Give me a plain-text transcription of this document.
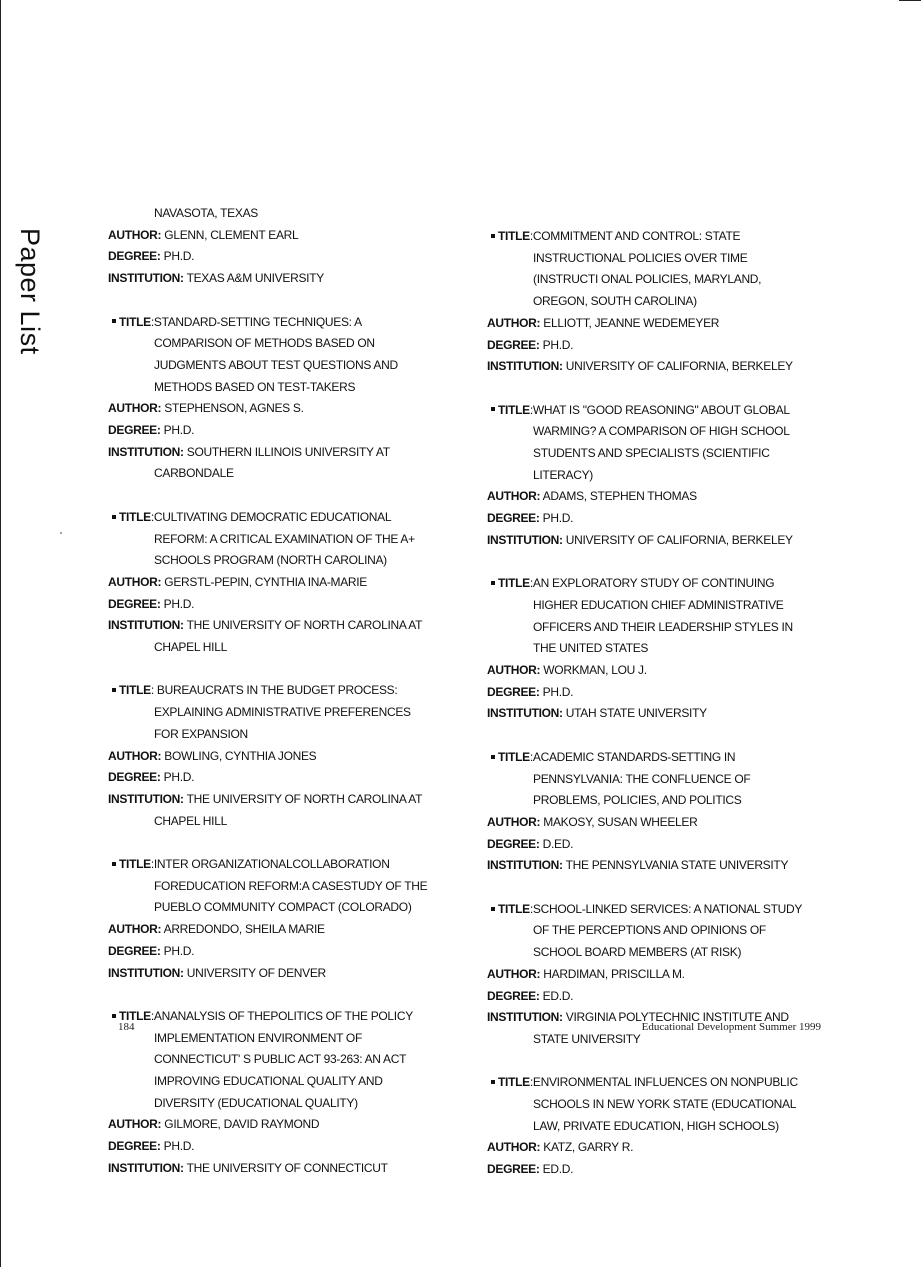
Paper List
NAVASOTA, TEXAS
AUTHOR: GLENN, CLEMENT EARL
DEGREE: PH.D.
INSTITUTION: TEXAS A&M UNIVERSITY
TITLE:STANDARD-SETTING TECHNIQUES: A
COMPARISON OF METHODS BASED ON
JUDGMENTS ABOUT TEST QUESTIONS AND
METHODS BASED ON TEST-TAKERS
AUTHOR: STEPHENSON, AGNES S.
DEGREE: PH.D.
INSTITUTION: SOUTHERN ILLINOIS UNIVERSITY AT
CARBONDALE
TITLE:CULTIVATING DEMOCRATIC EDUCATIONAL
REFORM: A CRITICAL EXAMINATION OF THE A+
SCHOOLS PROGRAM (NORTH CAROLINA)
AUTHOR: GERSTL-PEPIN, CYNTHIA INA-MARIE
DEGREE: PH.D.
INSTITUTION: THE UNIVERSITY OF NORTH CAROLINA AT
CHAPEL HILL
TITLE: BUREAUCRATS IN THE BUDGET PROCESS:
EXPLAINING ADMINISTRATIVE PREFERENCES
FOR EXPANSION
AUTHOR: BOWLING, CYNTHIA JONES
DEGREE: PH.D.
INSTITUTION: THE UNIVERSITY OF NORTH CAROLINA AT
CHAPEL HILL
TITLE:INTER ORGANIZATIONALCOLLABORATION
FOREDUCATION REFORM:A CASESTUDY OF THE
PUEBLO COMMUNITY COMPACT (COLORADO)
AUTHOR: ARREDONDO, SHEILA MARIE
DEGREE: PH.D.
INSTITUTION: UNIVERSITY OF DENVER
TITLE:ANANALYSIS OF THEPOLITICS OF THE POLICY
IMPLEMENTATION ENVIRONMENT OF
CONNECTICUT' S PUBLIC ACT 93-263: AN ACT
IMPROVING EDUCATIONAL QUALITY AND
DIVERSITY (EDUCATIONAL QUALITY)
AUTHOR: GILMORE, DAVID RAYMOND
DEGREE: PH.D.
INSTITUTION: THE UNIVERSITY OF CONNECTICUT
TITLE:COMMITMENT AND CONTROL: STATE
INSTRUCTIONAL POLICIES OVER TIME
(INSTRUCTI ONAL POLICIES, MARYLAND,
OREGON, SOUTH CAROLINA)
AUTHOR: ELLIOTT, JEANNE WEDEMEYER
DEGREE: PH.D.
INSTITUTION: UNIVERSITY OF CALIFORNIA, BERKELEY
TITLE:WHAT IS "GOOD REASONING" ABOUT GLOBAL
WARMING? A COMPARISON OF HIGH SCHOOL
STUDENTS AND SPECIALISTS (SCIENTIFIC
LITERACY)
AUTHOR: ADAMS, STEPHEN THOMAS
DEGREE: PH.D.
INSTITUTION: UNIVERSITY OF CALIFORNIA, BERKELEY
TITLE:AN EXPLORATORY STUDY OF CONTINUING
HIGHER EDUCATION CHIEF ADMINISTRATIVE
OFFICERS AND THEIR LEADERSHIP STYLES IN
THE UNITED STATES
AUTHOR: WORKMAN, LOU J.
DEGREE: PH.D.
INSTITUTION: UTAH STATE UNIVERSITY
TITLE:ACADEMIC STANDARDS-SETTING IN
PENNSYLVANIA: THE CONFLUENCE OF
PROBLEMS, POLICIES, AND POLITICS
AUTHOR: MAKOSY, SUSAN WHEELER
DEGREE: D.ED.
INSTITUTION: THE PENNSYLVANIA STATE UNIVERSITY
TITLE:SCHOOL-LINKED SERVICES: A NATIONAL STUDY
OF THE PERCEPTIONS AND OPINIONS OF
SCHOOL BOARD MEMBERS (AT RISK)
AUTHOR: HARDIMAN, PRISCILLA M.
DEGREE: ED.D.
INSTITUTION: VIRGINIA POLYTECHNIC INSTITUTE AND
STATE UNIVERSITY
TITLE:ENVIRONMENTAL INFLUENCES ON NONPUBLIC
SCHOOLS IN NEW YORK STATE (EDUCATIONAL
LAW, PRIVATE EDUCATION, HIGH SCHOOLS)
AUTHOR: KATZ, GARRY R.
DEGREE: ED.D.
184	Educational Development Summer 1999
